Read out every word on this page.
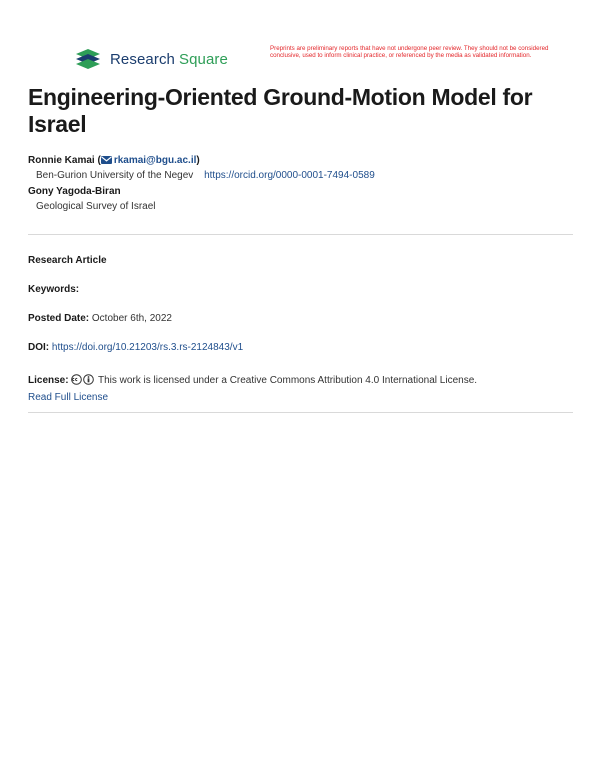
Research Square
Preprints are preliminary reports that have not undergone peer review. They should not be considered conclusive, used to inform clinical practice, or referenced by the media as validated information.
Engineering-Oriented Ground-Motion Model for Israel
Ronnie Kamai ( rkamai@bgu.ac.il)
Ben-Gurion University of the Negev https://orcid.org/0000-0001-7494-0589
Gony Yagoda-Biran
Geological Survey of Israel
Research Article
Keywords:
Posted Date: October 6th, 2022
DOI: https://doi.org/10.21203/rs.3.rs-2124843/v1
License:	This work is licensed under a Creative Commons Attribution 4.0 International License.
Read Full License
